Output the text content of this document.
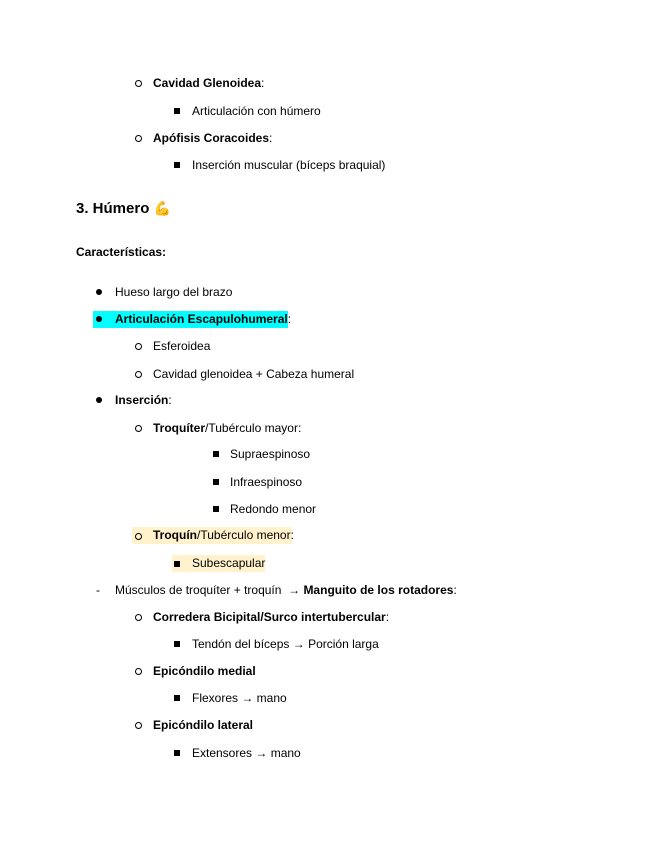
Cavidad Glenoidea:
Articulación con húmero
Apófisis Coracoides:
Inserción muscular (bíceps braquial)
3. Húmero 💪
Características:
Hueso largo del brazo
Articulación Escapulohumeral:
Esferoidea
Cavidad glenoidea + Cabeza humeral
Inserción:
Troquíter/Tubérculo mayor:
Supraespinoso
Infraespinoso
Redondo menor
Troquín/Tubérculo menor:
Subescapular
- Músculos de troquíter + troquín  → Manguito de los rotadores:
Corredera Bicipital/Surco intertubercular:
Tendón del bíceps → Porción larga
Epicóndilo medial
Flexores → mano
Epicóndilo lateral
Extensores → mano
